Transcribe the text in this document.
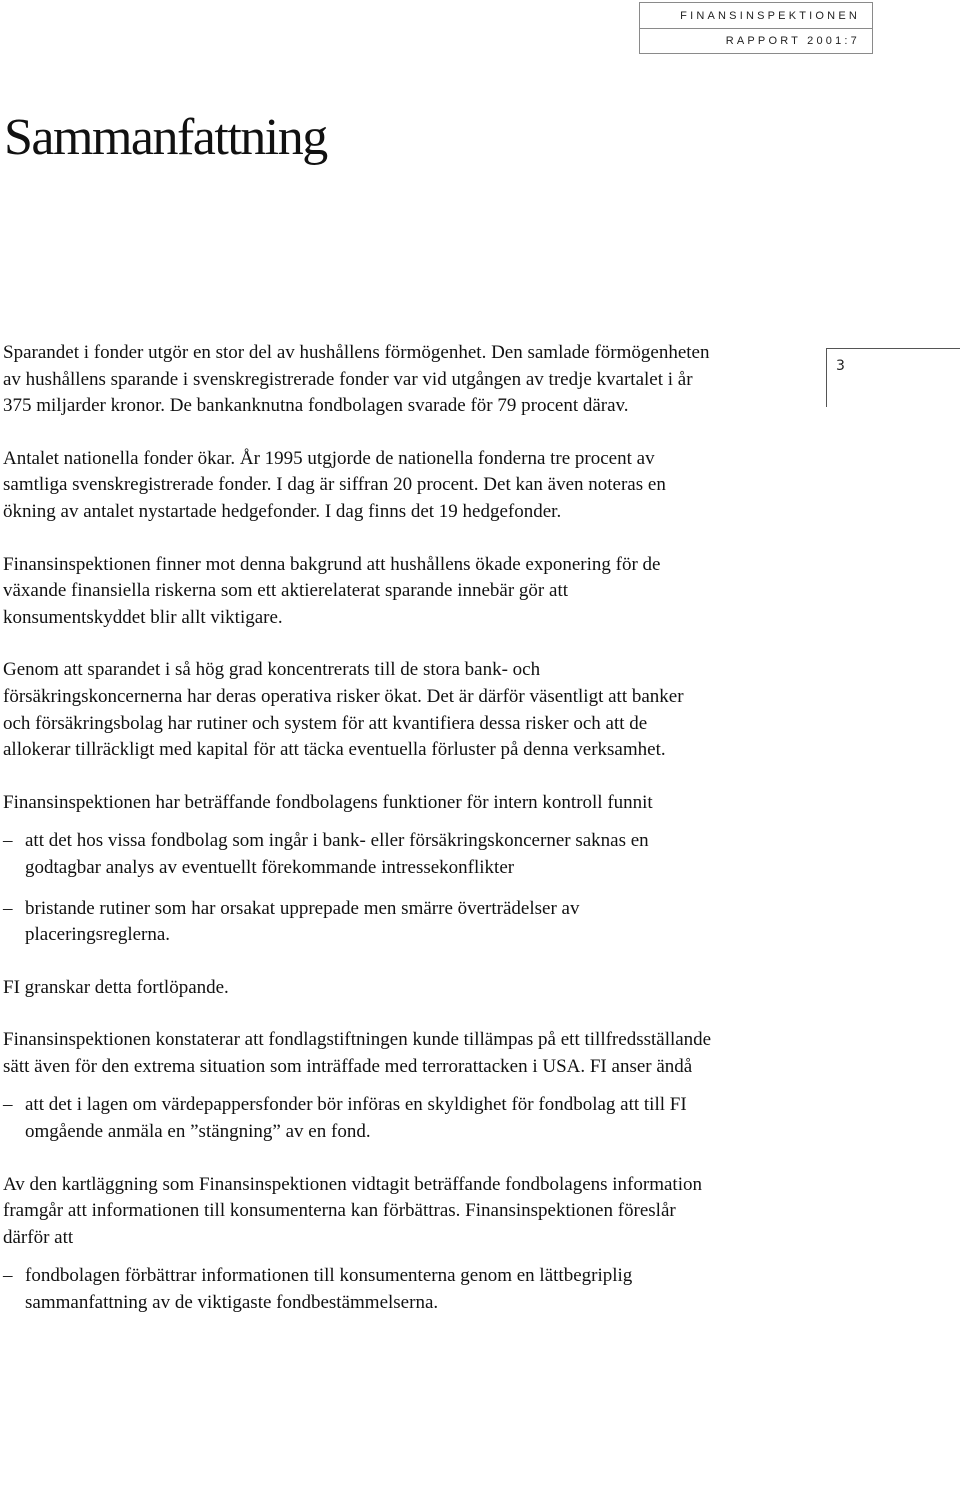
FINANSINSPEKTIONEN
RAPPORT 2001:7
Sammanfattning
3

Sparandet i fonder utgör en stor del av hushållens förmögenhet. Den samlade förmögenheten av hushållens sparande i svenskregistrerade fonder var vid utgången av tredje kvartalet i år 375 miljarder kronor. De bankanknutna fondbolagen svarade för 79 procent därav.

Antalet nationella fonder ökar. År 1995 utgjorde de nationella fonderna tre procent av samtliga svenskregistrerade fonder. I dag är siffran 20 procent. Det kan även noteras en ökning av antalet nystartade hedgefonder. I dag finns det 19 hedgefonder.

Finansinspektionen finner mot denna bakgrund att hushållens ökade exponering för de växande finansiella riskerna som ett aktierelaterat sparande innebär gör att konsumentskyddet blir allt viktigare.

Genom att sparandet i så hög grad koncentrerats till de stora bank- och försäkringskoncernerna har deras operativa risker ökat. Det är därför väsentligt att banker och försäkringsbolag har rutiner och system för att kvantifiera dessa risker och att de allokerar tillräckligt med kapital för att täcka eventuella förluster på denna verksamhet.

Finansinspektionen har beträffande fondbolagens funktioner för intern kontroll funnit

– att det hos vissa fondbolag som ingår i bank- eller försäkringskoncerner saknas en godtagbar analys av eventuellt förekommande intressekonflikter
– bristande rutiner som har orsakat upprepade men smärre överträdelser av placeringsreglerna.

FI granskar detta fortlöpande.

Finansinspektionen konstaterar att fondlagstiftningen kunde tillämpas på ett tillfredsställande sätt även för den extrema situation som inträffade med terrorattacken i USA. FI anser ändå

– att det i lagen om värdepappersfonder bör införas en skyldighet för fondbolag att till FI omgående anmäla en ”stängning” av en fond.

Av den kartläggning som Finansinspektionen vidtagit beträffande fondbolagens information framgår att informationen till konsumenterna kan förbättras. Finansinspektionen föreslår därför att

– fondbolagen förbättrar informationen till konsumenterna genom en lättbegriplig sammanfattning av de viktigaste fondbestämmelserna.
